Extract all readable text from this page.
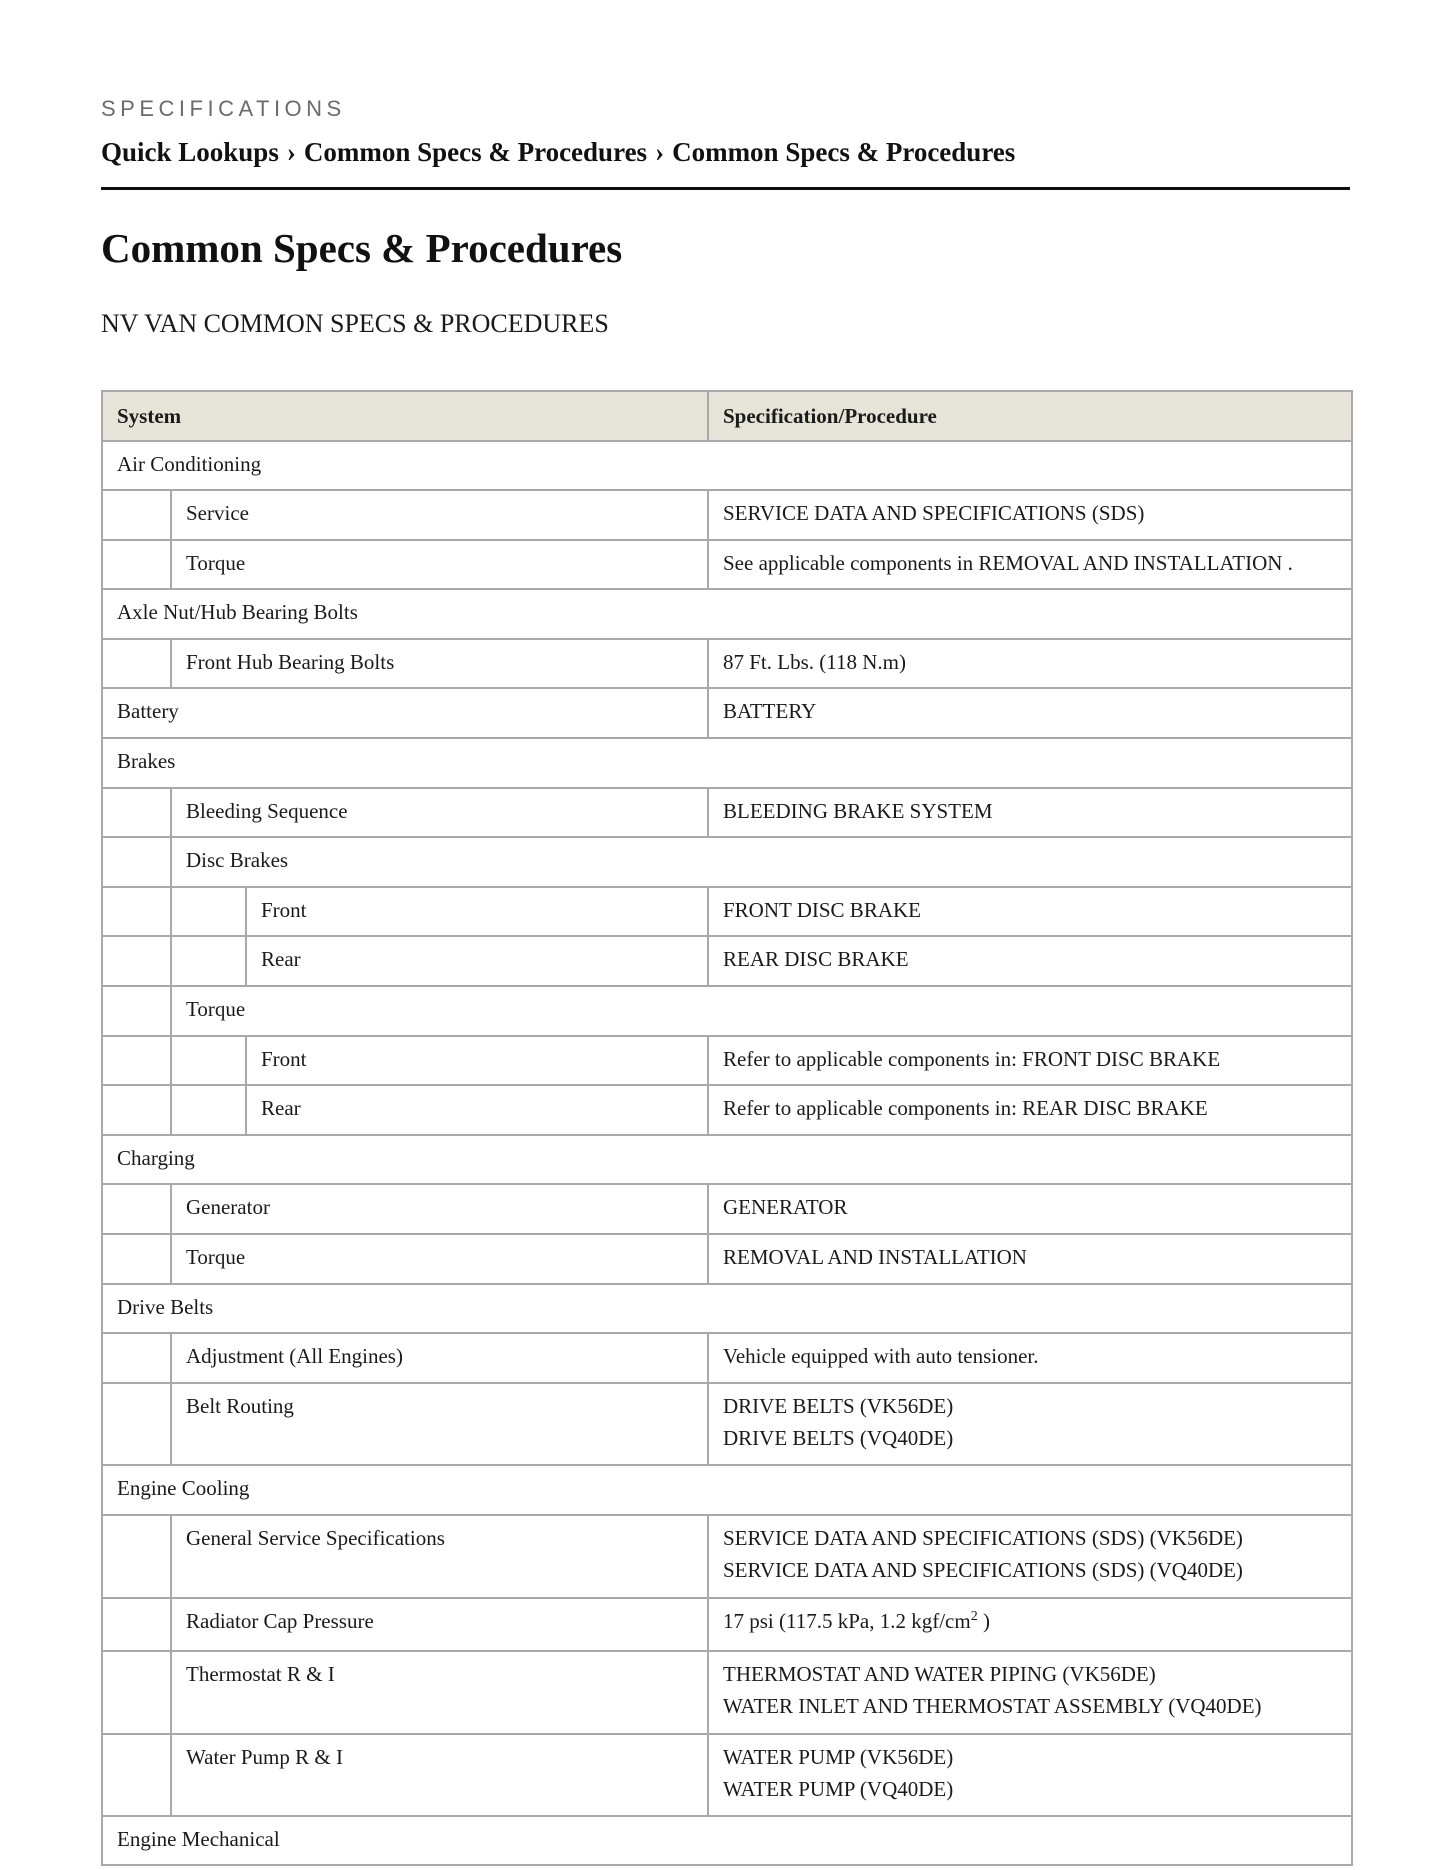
SPECIFICATIONS
Quick Lookups › Common Specs & Procedures › Common Specs & Procedures
Common Specs & Procedures
NV VAN COMMON SPECS & PROCEDURES
System			Specification/Procedure
Air Conditioning			
	Service		SERVICE DATA AND SPECIFICATIONS (SDS)

	Torque		See applicable components in REMOVAL AND INSTALLATION .

Axle Nut/Hub Bearing Bolts			
	Front Hub Bearing Bolts		87 Ft. Lbs. (118 N.m)

Battery			BATTERY

Brakes			
	Bleeding Sequence		BLEEDING BRAKE SYSTEM

	Disc Brakes		
		Front	FRONT DISC BRAKE

		Rear	REAR DISC BRAKE

	Torque		
		Front	Refer to applicable components in: FRONT DISC BRAKE

		Rear	Refer to applicable components in: REAR DISC BRAKE

Charging			
	Generator		GENERATOR

	Torque		REMOVAL AND INSTALLATION

Drive Belts			
	Adjustment (All Engines)		Vehicle equipped with auto tensioner.

	Belt Routing		DRIVE BELTS (VK56DE)
DRIVE BELTS (VQ40DE)

Engine Cooling			
	General Service Specifications		SERVICE DATA AND SPECIFICATIONS (SDS) (VK56DE)
SERVICE DATA AND SPECIFICATIONS (SDS) (VQ40DE)

	Radiator Cap Pressure		17 psi (117.5 kPa, 1.2 kgf/$cm^2$ )

	Thermostat R & I		THERMOSTAT AND WATER PIPING (VK56DE)
WATER INLET AND THERMOSTAT ASSEMBLY (VQ40DE)

	Water Pump R & I		WATER PUMP (VK56DE)
WATER PUMP (VQ40DE)

Engine Mechanical			
